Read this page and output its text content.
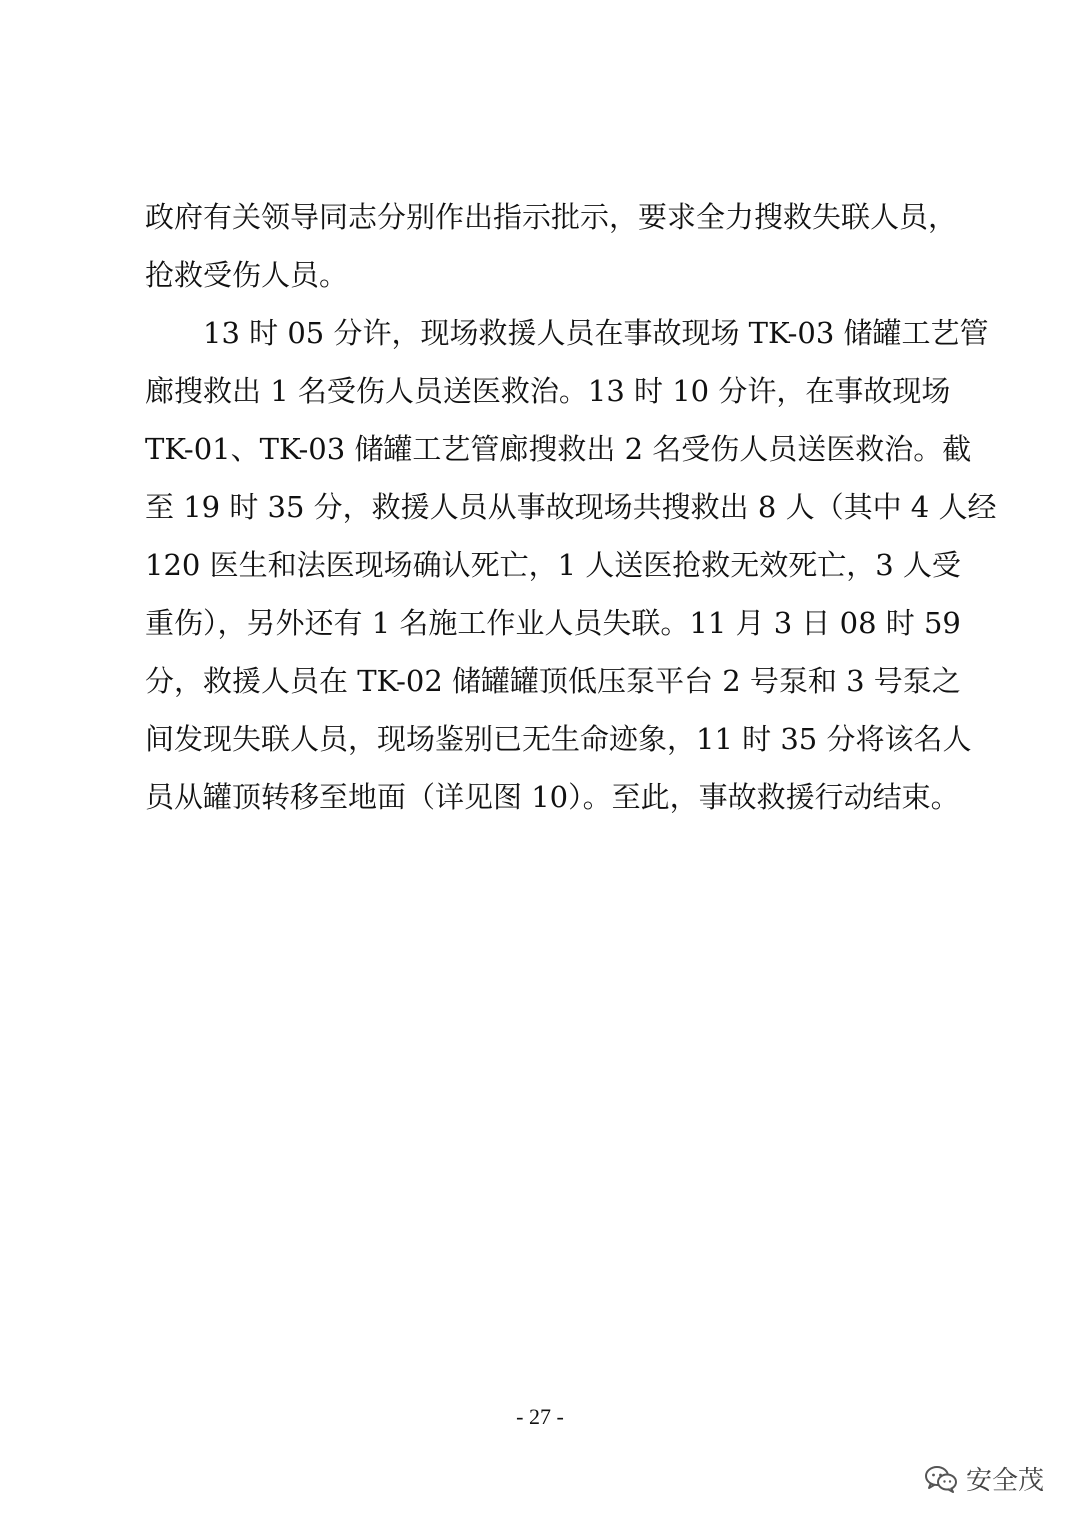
政府有关领导同志分别作出指示批示，要求全力搜救失联人员，
抢救受伤人员。
13 时 05 分许，现场救援人员在事故现场 TK-03 储罐工艺管
廊搜救出 1 名受伤人员送医救治。13 时 10 分许，在事故现场
TK-01、TK-03 储罐工艺管廊搜救出 2 名受伤人员送医救治。截
至 19 时 35 分，救援人员从事故现场共搜救出 8 人（其中 4 人经
120 医生和法医现场确认死亡，1 人送医抢救无效死亡，3 人受
重伤），另外还有 1 名施工作业人员失联。11 月 3 日 08 时 59
分，救援人员在 TK-02 储罐罐顶低压泵平台 2 号泵和 3 号泵之
间发现失联人员，现场鉴别已无生命迹象，11 时 35 分将该名人
员从罐顶转移至地面（详见图 10）。至此，事故救援行动结束。
- 27 -
安全茂
